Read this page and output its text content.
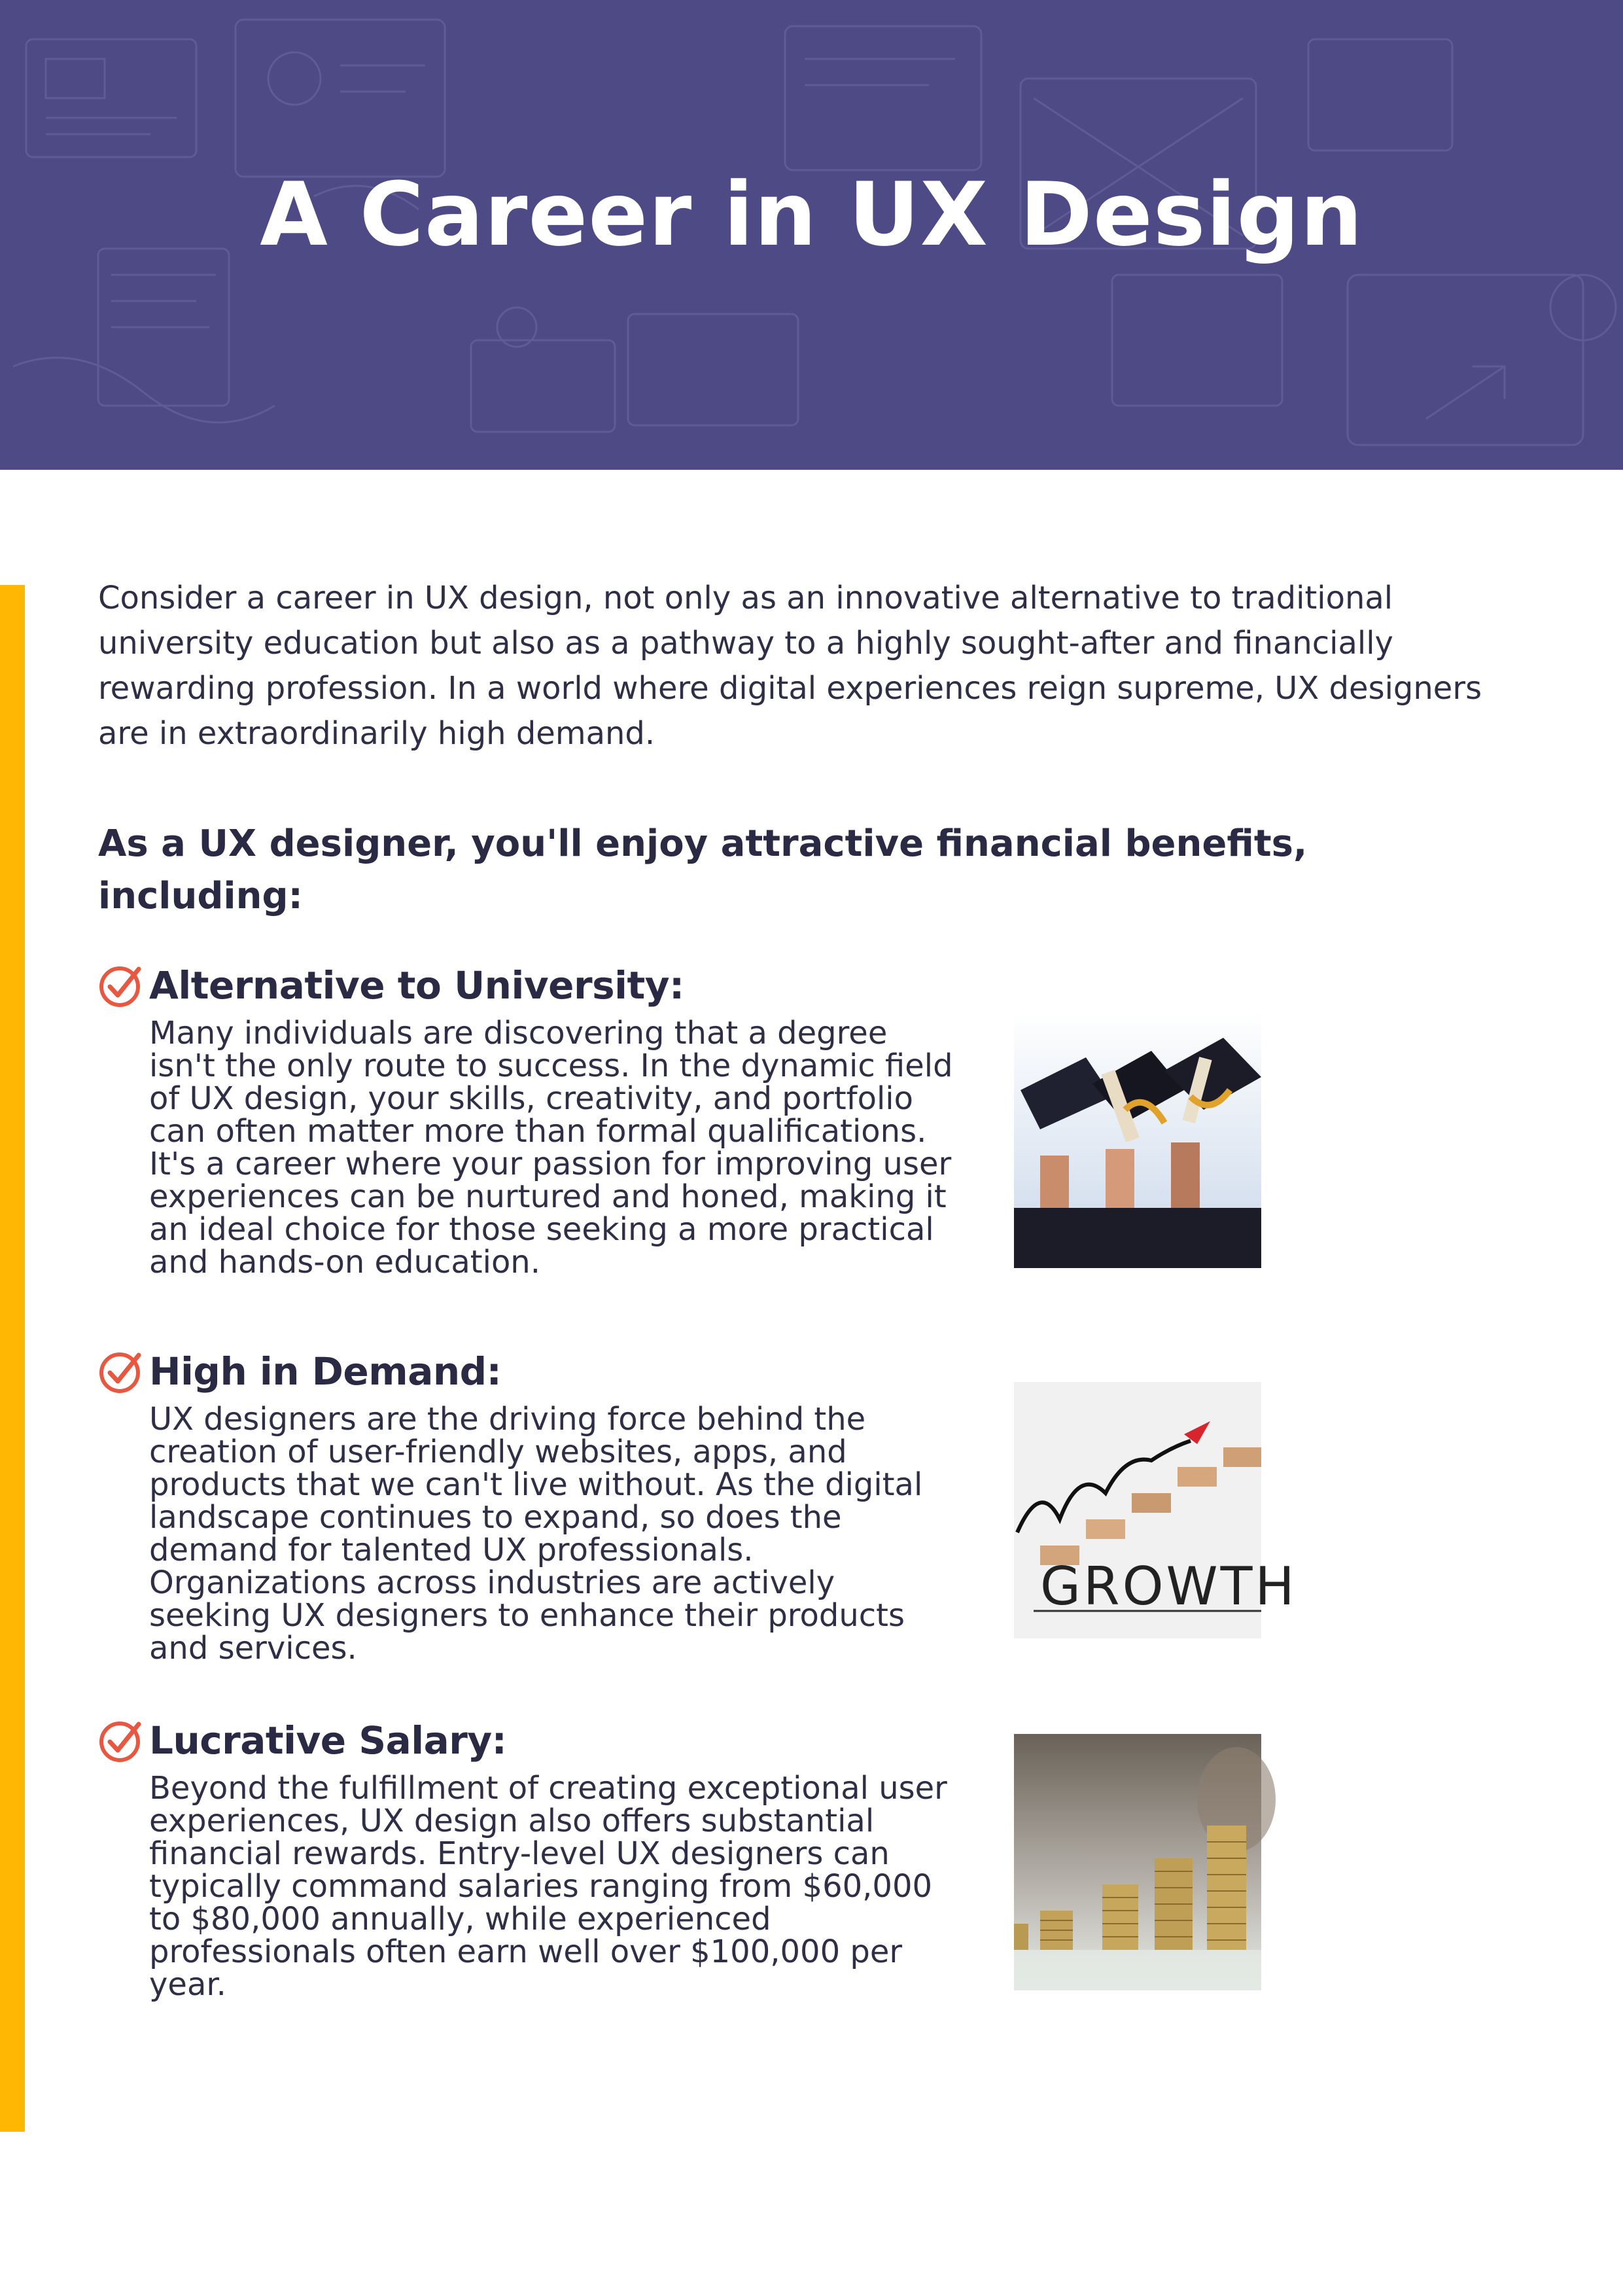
A Career in UX Design

Consider a career in UX design, not only as an innovative alternative to traditional university education but also as a pathway to a highly sought-after and financially rewarding profession. In a world where digital experiences reign supreme, UX designers are in extraordinarily high demand.

As a UX designer, you'll enjoy attractive financial benefits, including:
Alternative to University:
Many individuals are discovering that a degree isn't the only route to success. In the dynamic field of UX design, your skills, creativity, and portfolio can often matter more than formal qualifications. It's a career where your passion for improving user experiences can be nurtured and honed, making it an ideal choice for those seeking a more practical and hands-on education.
High in Demand:
UX designers are the driving force behind the creation of user-friendly websites, apps, and products that we can't live without. As the digital landscape continues to expand, so does the demand for talented UX professionals. Organizations across industries are actively seeking UX designers to enhance their products and services.
Lucrative Salary:
Beyond the fulfillment of creating exceptional user experiences, UX design also offers substantial financial rewards. Entry-level UX designers can typically command salaries ranging from $60,000 to $80,000 annually, while experienced professionals often earn well over $100,000 per year.
GROWTH
